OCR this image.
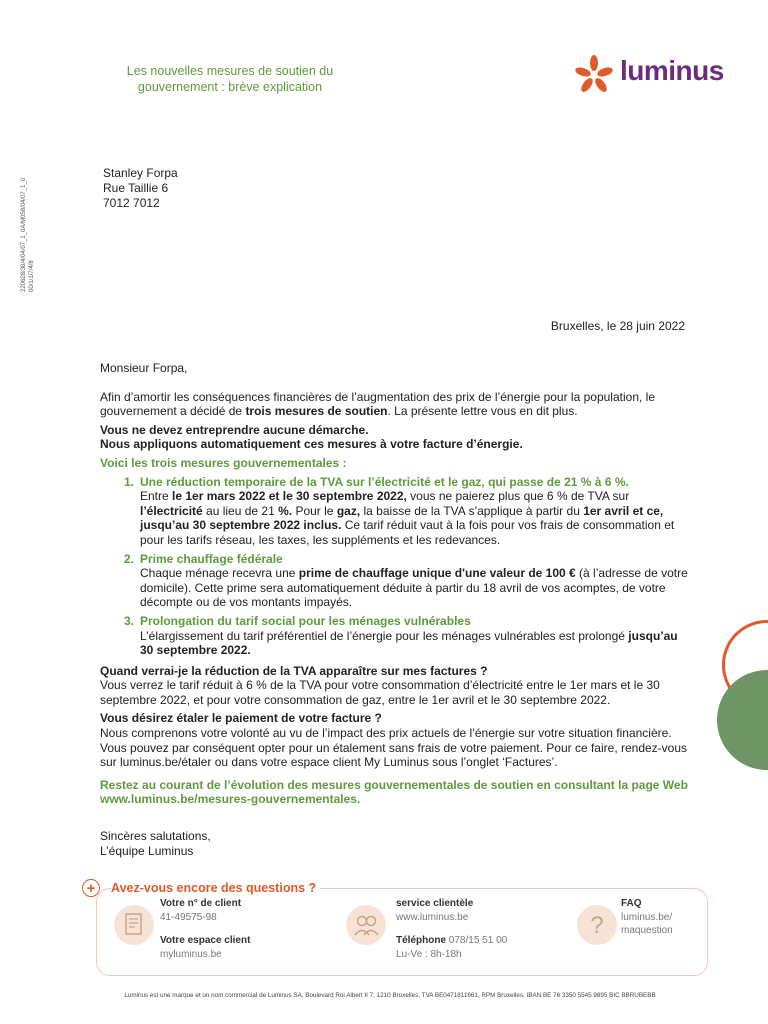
Les nouvelles mesures de soutien du gouvernement : brève explication
luminus
220628/30/4/04/07_1_0A/M058/04/07_1_0 00/1/1/7/4/8
Stanley Forpa
Rue Taillie 6
7012 7012
Bruxelles, le 28 juin 2022

Monsieur Forpa,

Afin d’amortir les conséquences financières de l’augmentation des prix de l’énergie pour la population, le gouvernement a décidé de trois mesures de soutien. La présente lettre vous en dit plus.

Vous ne devez entreprendre aucune démarche.

Nous appliquons automatiquement ces mesures à votre facture d’énergie.

Voici les trois mesures gouvernementales :

1. Une réduction temporaire de la TVA sur l’électricité et le gaz, qui passe de 21 % à 6 %.
Entre le 1er mars 2022 et le 30 septembre 2022, vous ne paierez plus que 6 % de TVA sur l’électricité au lieu de 21 %. Pour le gaz, la baisse de la TVA s’applique à partir du 1er avril et ce, jusqu’au 30 septembre 2022 inclus. Ce tarif réduit vaut à la fois pour vos frais de consommation et pour les tarifs réseau, les taxes, les suppléments et les redevances.
2. Prime chauffage fédérale
Chaque ménage recevra une prime de chauffage unique d'une valeur de 100 € (à l’adresse de votre domicile). Cette prime sera automatiquement déduite à partir du 18 avril de vos acomptes, de votre décompte ou de vos montants impayés.
3. Prolongation du tarif social pour les ménages vulnérables
L’élargissement du tarif préférentiel de l’énergie pour les ménages vulnérables est prolongé jusqu’au 30 septembre 2022.

Quand verrai-je la réduction de la TVA apparaître sur mes factures ?

Vous verrez le tarif réduit à 6 % de la TVA pour votre consommation d’électricité entre le 1er mars et le 30 septembre 2022, et pour votre consommation de gaz, entre le 1er avril et le 30 septembre 2022.

Vous désirez étaler le paiement de votre facture ?

Nous comprenons votre volonté au vu de l’impact des prix actuels de l’énergie sur votre situation financière. Vous pouvez par conséquent opter pour un étalement sans frais de votre paiement. Pour ce faire, rendez-vous sur luminus.be/étaler ou dans votre espace client My Luminus sous l’onglet ‘Factures’.

Restez au courant de l’évolution des mesures gouvernementales de soutien en consultant la page Web www.luminus.be/mesures-gouvernementales.

Sincères salutations,

L’équipe Luminus

+	Avez-vous encore des questions ?
Votre n° de client
41-49575-98
Votre espace client
myluminus.be
service clientèle
www.luminus.be
Téléphone 078/15 51 00
Lu-Ve : 8h-18h
?
FAQ
luminus.be/
maquestion
Luminus est une marque et un nom commercial de Luminus SA, Boulevard Roi Albert II 7, 1210 Bruxelles, TVA BE0471811661, RPM Bruxelles. IBAN BE 76 3350 5545 9895 BIC BBRUBEBB
